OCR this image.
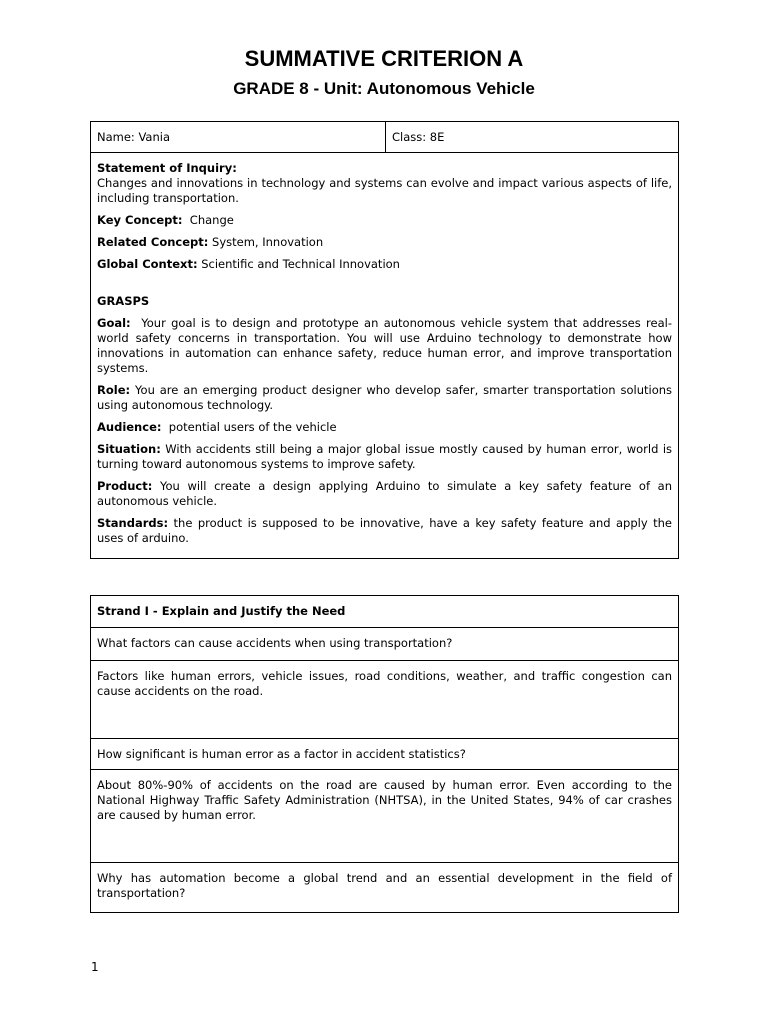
SUMMATIVE CRITERION A
GRADE 8 - Unit: Autonomous Vehicle
Name: Vania	Class: 8E

Statement of Inquiry:
Changes and innovations in technology and systems can evolve and impact various aspects of life, including transportation.

Key Concept: Change

Related Concept: System, Innovation

Global Context: Scientific and Technical Innovation

GRASPS

Goal: Your goal is to design and prototype an autonomous vehicle system that addresses real-world safety concerns in transportation. You will use Arduino technology to demonstrate how innovations in automation can enhance safety, reduce human error, and improve transportation systems.

Role: You are an emerging product designer who develop safer, smarter transportation solutions using autonomous technology.

Audience: potential users of the vehicle

Situation: With accidents still being a major global issue mostly caused by human error, world is turning toward autonomous systems to improve safety.

Product: You will create a design applying Arduino to simulate a key safety feature of an autonomous vehicle.

Standards: the product is supposed to be innovative, have a key safety feature and apply the uses of arduino.

Strand I - Explain and Justify the Need
What factors can cause accidents when using transportation?
Factors like human errors, vehicle issues, road conditions, weather, and traffic congestion can cause accidents on the road.
How significant is human error as a factor in accident statistics?
About 80%-90% of accidents on the road are caused by human error. Even according to the National Highway Traffic Safety Administration (NHTSA), in the United States, 94% of car crashes are caused by human error.
Why has automation become a global trend and an essential development in the field of transportation?
1
